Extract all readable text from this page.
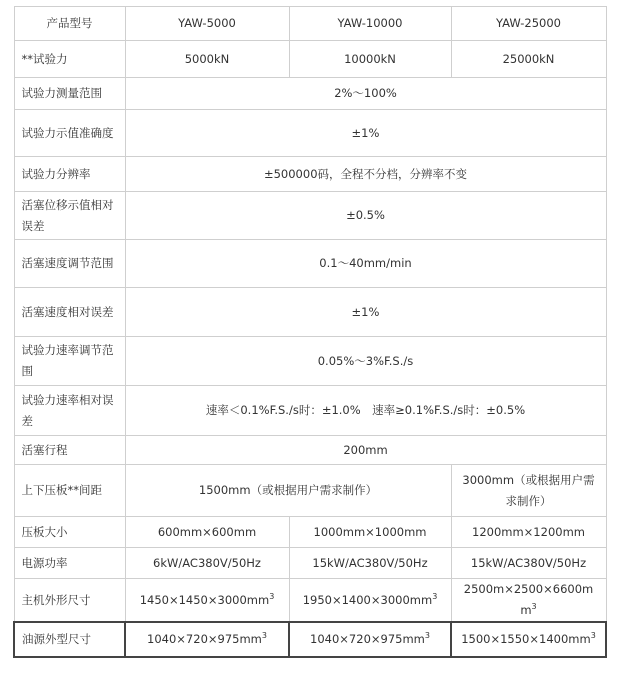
产品型号	YAW-5000	YAW-10000	YAW-25000
**试验力	5000kN	10000kN	25000kN
试验力测量范围	2%～100%		
试验力示值准确度	±1%		
试验力分辨率	±500000码，全程不分档，分辨率不变		
活塞位移示值相对误差	±0.5%		
活塞速度调节范围	0.1～40mm/min		
活塞速度相对误差	±1%		
试验力速率调节范围	0.05%～3%F.S./s		
试验力速率相对误差	速率＜0.1%F.S./s时：±1.0%　速率≥0.1%F.S./s时：±0.5%		
活塞行程	200mm		
上下压板**间距	1500mm（或根据用户需求制作）		3000mm（或根据用户需求制作）
压板大小	600mm×600mm	1000mm×1000mm	1200mm×1200mm
电源功率	6kW/AC380V/50Hz	15kW/AC380V/50Hz	15kW/AC380V/50Hz
主机外形尺寸	$1450\times 1450\times 3000mm^3$	$1950\times 1400\times 3000mm^3$	$2500m\times 2500\times 6600mm^3$
油源外型尺寸	$1040\times 720\times 975mm^3$	$1040\times 720\times 975mm^3$	$1500\times 1550\times 1400mm^3$
